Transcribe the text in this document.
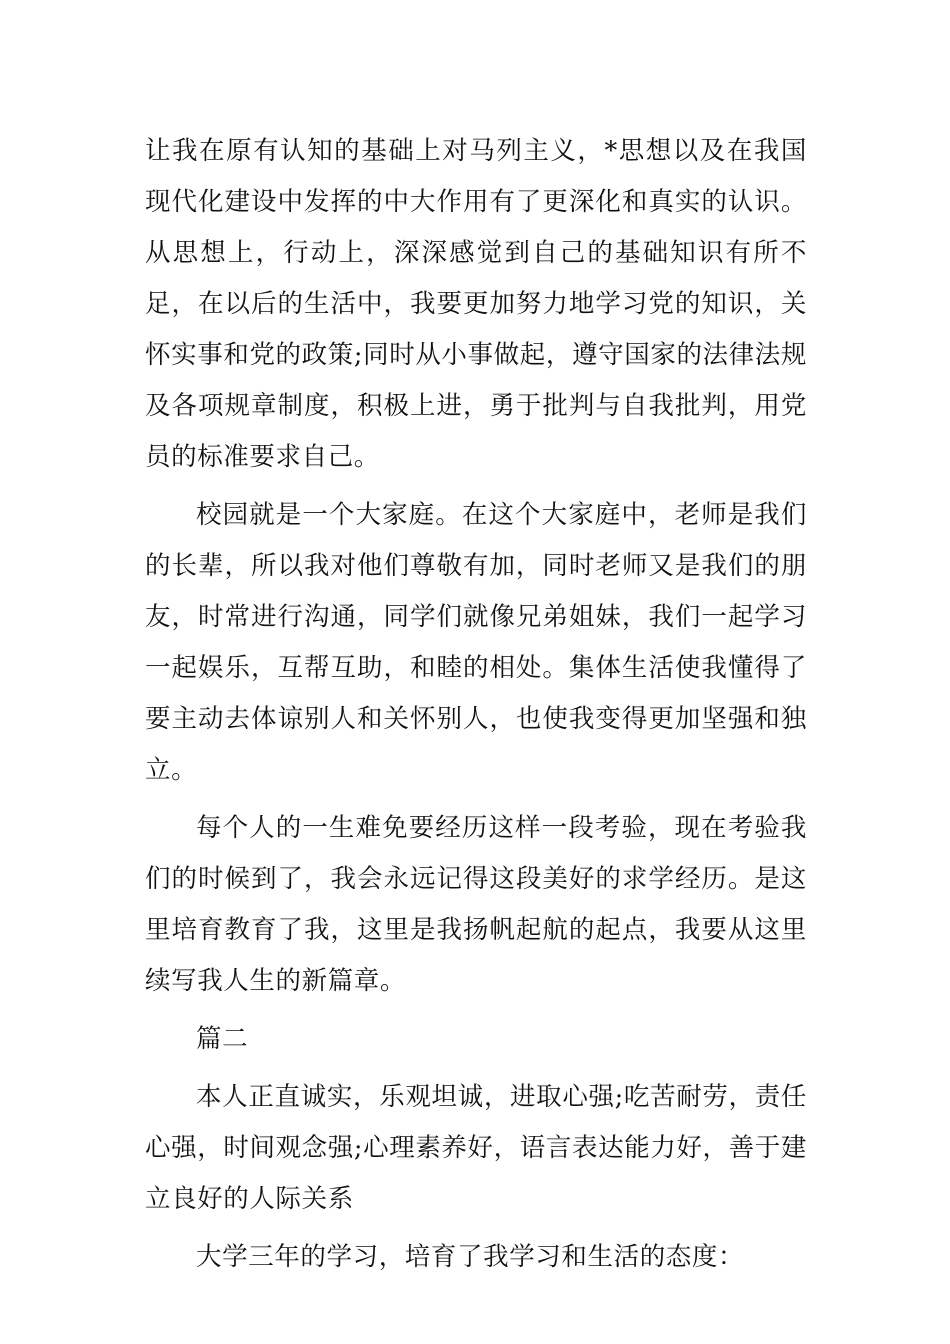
让我在原有认知的基础上对马列主义，*思想以及在我国现代化建设中发挥的中大作用有了更深化和真实的认识。从思想上，行动上，深深感觉到自己的基础知识有所不足，在以后的生活中，我要更加努力地学习党的知识，关怀实事和党的政策;同时从小事做起，遵守国家的法律法规及各项规章制度，积极上进，勇于批判与自我批判，用党员的标准要求自己。

校园就是一个大家庭。在这个大家庭中，老师是我们的长辈，所以我对他们尊敬有加，同时老师又是我们的朋友，时常进行沟通，同学们就像兄弟姐妹，我们一起学习一起娱乐，互帮互助，和睦的相处。集体生活使我懂得了要主动去体谅别人和关怀别人，也使我变得更加坚强和独立。

每个人的一生难免要经历这样一段考验，现在考验我们的时候到了，我会永远记得这段美好的求学经历。是这里培育教育了我，这里是我扬帆起航的起点，我要从这里续写我人生的新篇章。

篇二

本人正直诚实，乐观坦诚，进取心强;吃苦耐劳，责任心强，时间观念强;心理素养好，语言表达能力好，善于建立良好的人际关系

大学三年的学习，培育了我学习和生活的态度：
